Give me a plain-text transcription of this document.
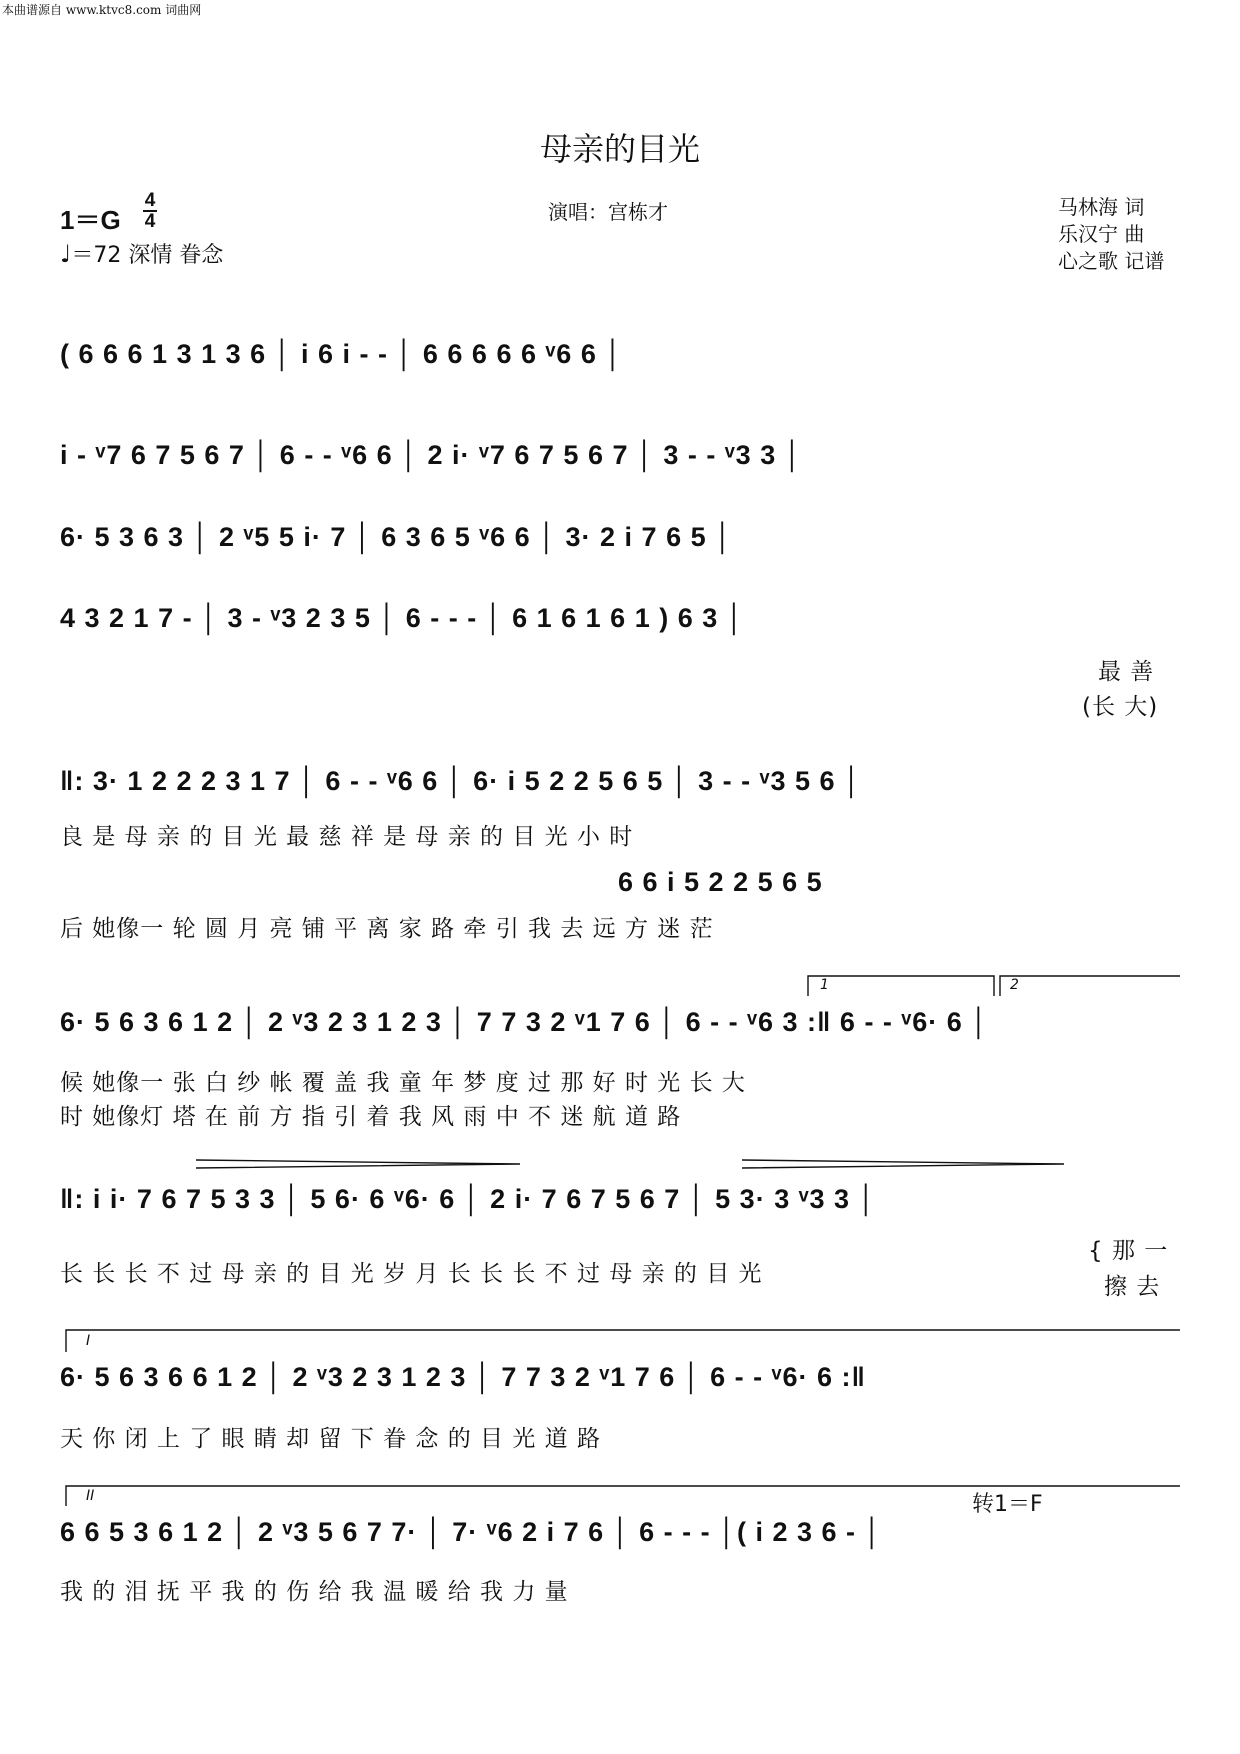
本曲谱源自 www.ktvc8.com 词曲网
母亲的目光
演唱：宫栋才	马林海 词
乐汉宁 曲
心之歌 记谱
1＝G
4
4
♩＝72 深情 眷念
( 6 6 6 1 3 1 3 6 │ i 6 i - - │ 6 6 6 6 6 ᵛ6 6 │
i - ᵛ7 6 7 5 6 7 │ 6 - - ᵛ6 6 │ 2 i· ᵛ7 6 7 5 6 7 │ 3 - - ᵛ3 3 │
6· 5 3 6 3 │ 2 ᵛ5 5 i· 7 │ 6 3 6 5 ᵛ6 6 │ 3· 2 i 7 6 5 │
4 3 2 1 7 - │ 3 - ᵛ3 2 3 5 │ 6 - - - │ 6 1 6 1 6 1 ) 6 3 │
最 善
(长 大)
‖: 3· 1 2 2 2 3 1 7 │ 6 - - ᵛ6 6 │ 6· i 5 2 2 5 6 5 │ 3 - - ᵛ3 5 6 │
良 是 母 亲 的 目 光 最 慈 祥 是 母 亲 的 目 光 小 时
6 6 i 5 2 2 5 6 5
后 她像一 轮 圆 月 亮 铺 平 离 家 路 牵 引 我 去 远 方 迷 茫
6· 5 6 3 6 1 2 │ 2 ᵛ3 2 3 1 2 3 │ 7 7 3 2 ᵛ1 7 6 │ 6 - - ᵛ6 3 :‖ 6 - - ᵛ6· 6 │
候 她像一 张 白 纱 帐 覆 盖 我 童 年 梦 度 过 那 好 时 光 长 大
时 她像灯 塔 在 前 方 指 引 着 我 风 雨 中 不 迷 航 道 路
‖: i i· 7 6 7 5 3 3 │ 5 6· 6 ᵛ6· 6 │ 2 i· 7 6 7 5 6 7 │ 5 3· 3 ᵛ3 3 │
长 长 长 不 过 母 亲 的 目 光 岁 月 长 长 长 不 过 母 亲 的 目 光
{ 那 一
擦 去
6· 5 6 3 6 6 1 2 │ 2 ᵛ3 2 3 1 2 3 │ 7 7 3 2 ᵛ1 7 6 │ 6 - - ᵛ6· 6 :‖
天 你 闭 上 了 眼 睛 却 留 下 眷 念 的 目 光 道 路
转1＝F
6 6 5 3 6 1 2 │ 2 ᵛ3 5 6 7 7· │ 7· ᵛ6 2 i 7 6 │ 6 - - - │( i 2 3 6 - │
我 的 泪 抚 平 我 的 伤 给 我 温 暖 给 我 力 量
1	2
I
II
